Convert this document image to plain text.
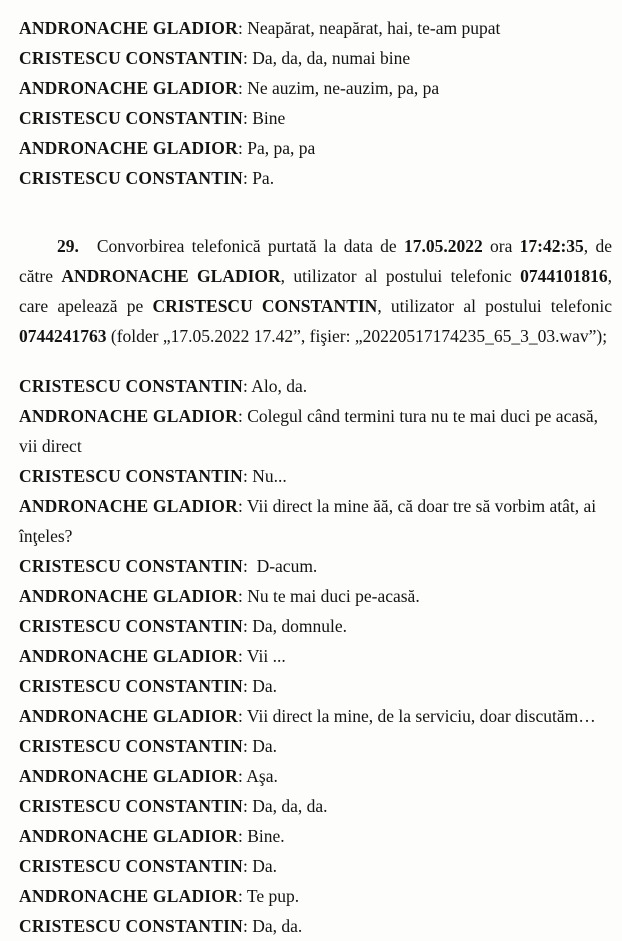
ANDRONACHE GLADIOR: Neapărat, neapărat, hai, te-am pupat

CRISTESCU CONSTANTIN: Da, da, da, numai bine

ANDRONACHE GLADIOR: Ne auzim, ne-auzim, pa, pa

CRISTESCU CONSTANTIN: Bine

ANDRONACHE GLADIOR: Pa, pa, pa

CRISTESCU CONSTANTIN: Pa.

29. Convorbirea telefonică purtată la data de 17.05.2022 ora 17:42:35, de către ANDRONACHE GLADIOR, utilizator al postului telefonic 0744101816, care apelează pe CRISTESCU CONSTANTIN, utilizator al postului telefonic 0744241763 (folder „17.05.2022 17.42”, fişier: „20220517174235_65_3_03.wav”);

CRISTESCU CONSTANTIN: Alo, da.

ANDRONACHE GLADIOR: Colegul când termini tura nu te mai duci pe acasă, vii direct

CRISTESCU CONSTANTIN: Nu...

ANDRONACHE GLADIOR: Vii direct la mine ăă, că doar tre să vorbim atât, ai înţeles?

CRISTESCU CONSTANTIN:  D-acum.

ANDRONACHE GLADIOR: Nu te mai duci pe-acasă.

CRISTESCU CONSTANTIN: Da, domnule.

ANDRONACHE GLADIOR: Vii ...

CRISTESCU CONSTANTIN: Da.

ANDRONACHE GLADIOR: Vii direct la mine, de la serviciu, doar discutăm…

CRISTESCU CONSTANTIN: Da.

ANDRONACHE GLADIOR: Aşa.

CRISTESCU CONSTANTIN: Da, da, da.

ANDRONACHE GLADIOR: Bine.

CRISTESCU CONSTANTIN: Da.

ANDRONACHE GLADIOR: Te pup.

CRISTESCU CONSTANTIN: Da, da.
